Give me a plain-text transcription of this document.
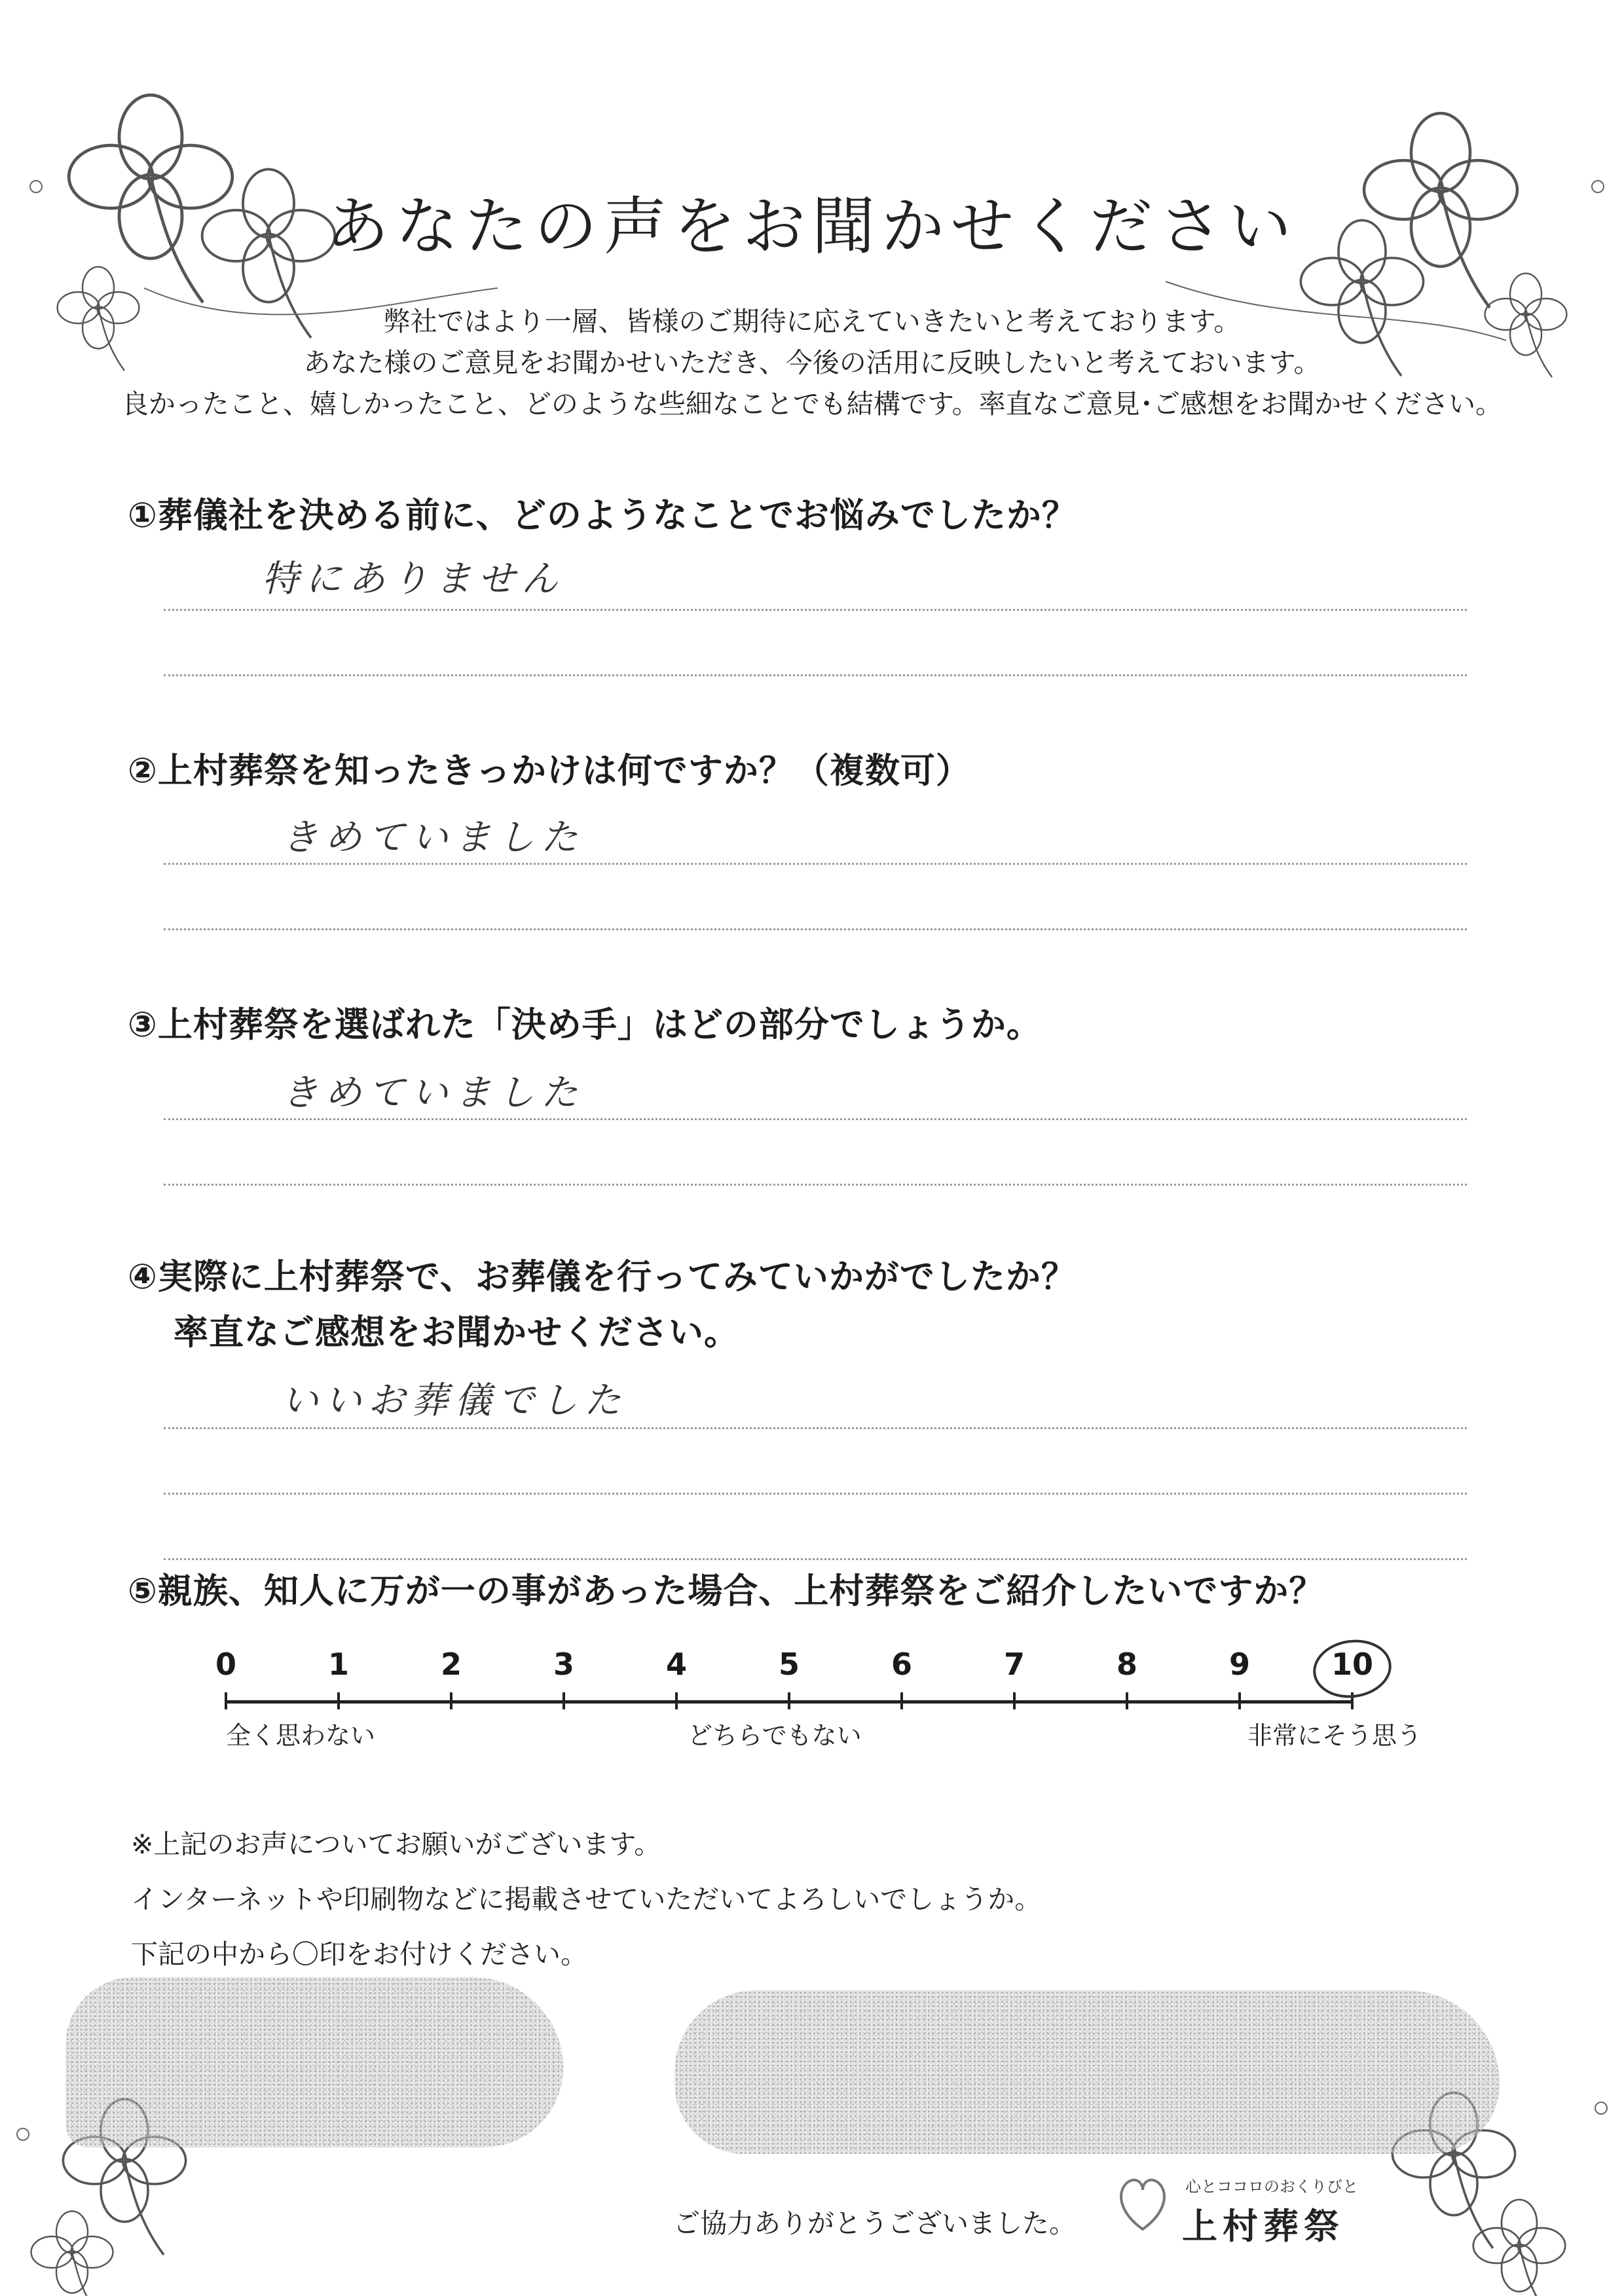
あなたの声をお聞かせください
弊社ではより一層、皆様のご期待に応えていきたいと考えております。
あなた様のご意見をお聞かせいただき、今後の活用に反映したいと考えておいます。
良かったこと、嬉しかったこと、どのような些細なことでも結構です。率直なご意見･ご感想をお聞かせください。
①葬儀社を決める前に、どのようなことでお悩みでしたか？
特にありません
②上村葬祭を知ったきっかけは何ですか？（複数可）
きめていました
③上村葬祭を選ばれた「決め手」はどの部分でしょうか。
きめていました
④実際に上村葬祭で、お葬儀を行ってみていかがでしたか？
率直なご感想をお聞かせください。
いいお葬儀でした
⑤親族、知人に万が一の事があった場合、上村葬祭をご紹介したいですか？
0	1	2	3	4	5	6	7	8	9	10
全く思わない	どちらでもない	非常にそう思う
※上記のお声についてお願いがございます。
インターネットや印刷物などに掲載させていただいてよろしいでしょうか。
下記の中から〇印をお付けください。
ご協力ありがとうございました。
心とココロのおくりびと
上村葬祭
